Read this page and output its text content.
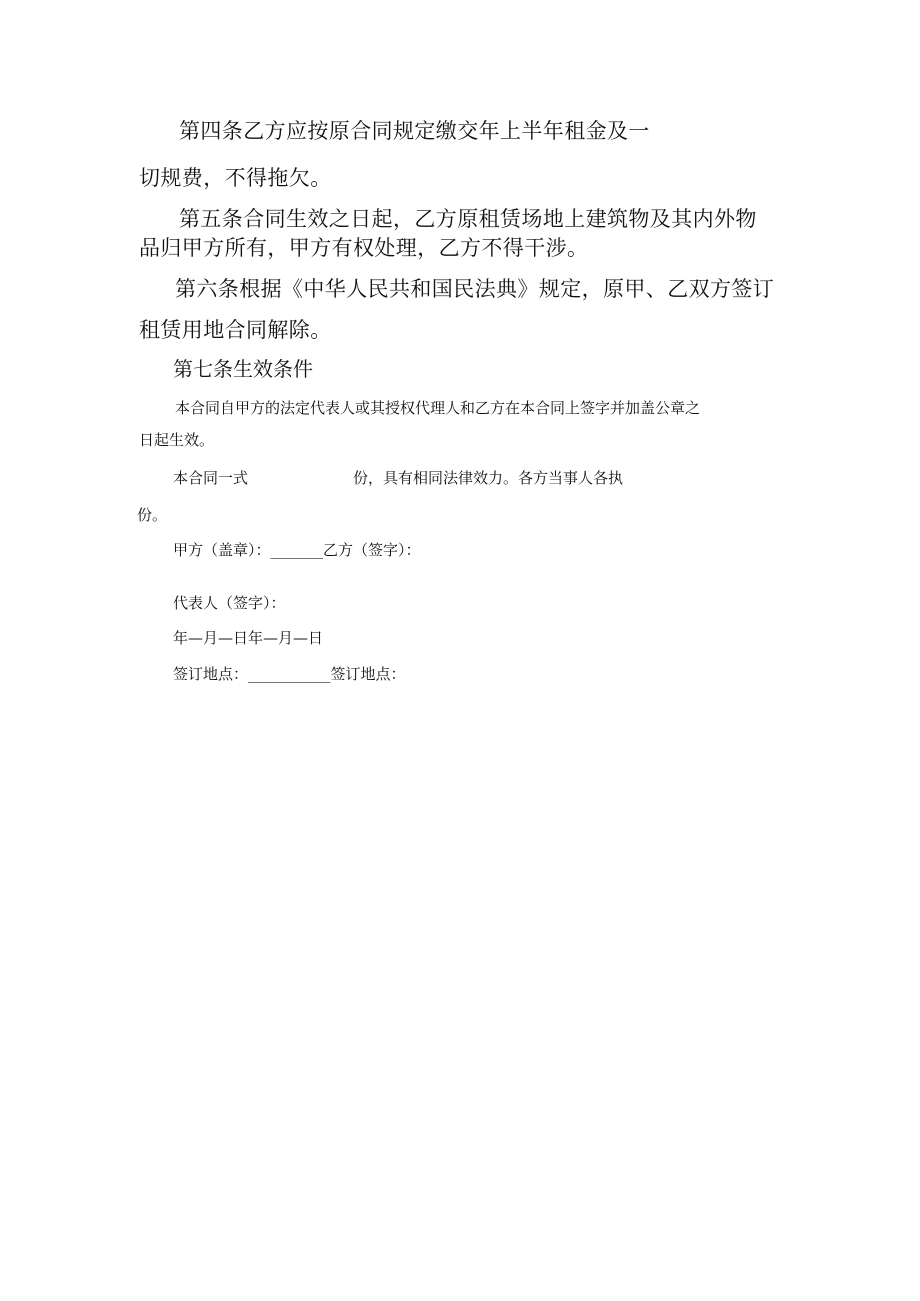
第四条乙方应按原合同规定缴交年上半年租金及一
切规费，不得拖欠。
第五条合同生效之日起，乙方原租赁场地上建筑物及其内外物
品归甲方所有，甲方有权处理，乙方不得干涉。
第六条根据《中华人民共和国民法典》规定，原甲、乙双方签订
租赁用地合同解除。
第七条生效条件
本合同自甲方的法定代表人或其授权代理人和乙方在本合同上签字并加盖公章之
日起生效。
本合同一式	份，具有相同法律效力。各方当事人各执
份。
甲方（盖章）：_______乙方（签字）：
代表人（签字）：
年—月—日年—月—日
签订地点：___________签订地点：
